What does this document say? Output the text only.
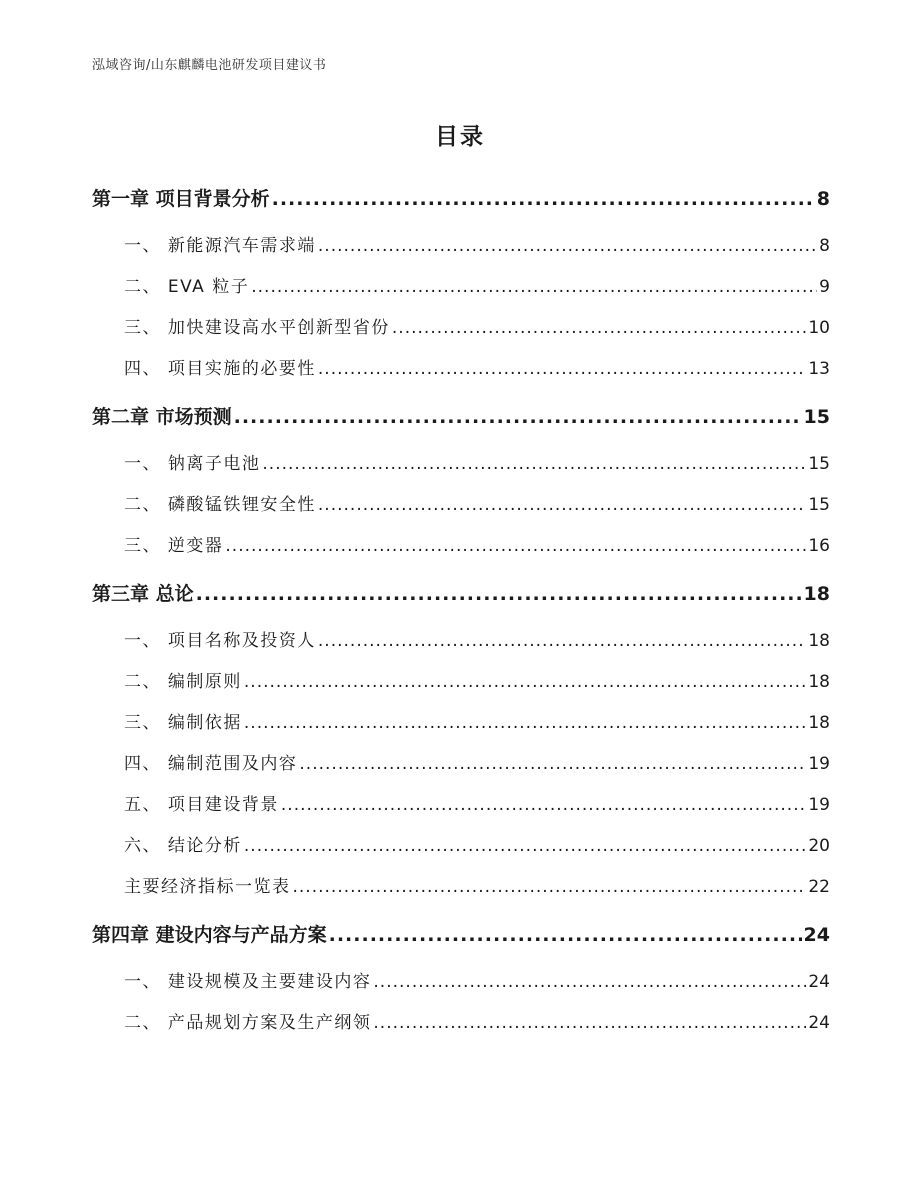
泓域咨询/山东麒麟电池研发项目建议书
目录
第一章 项目背景分析 .....	8
一、 新能源汽车需求端 .....	8
二、 EVA 粒子 .....	9
三、 加快建设高水平创新型省份 .....	10
四、 项目实施的必要性 .....	13
第二章 市场预测 .....	15
一、 钠离子电池 .....	15
二、 磷酸锰铁锂安全性 .....	15
三、 逆变器 .....	16
第三章 总论 .....	18
一、 项目名称及投资人 .....	18
二、 编制原则 .....	18
三、 编制依据 .....	18
四、 编制范围及内容 .....	19
五、 项目建设背景 .....	19
六、 结论分析 .....	20
主要经济指标一览表 .....	22
第四章 建设内容与产品方案 .....	24
一、 建设规模及主要建设内容 .....	24
二、 产品规划方案及生产纲领 .....	24
